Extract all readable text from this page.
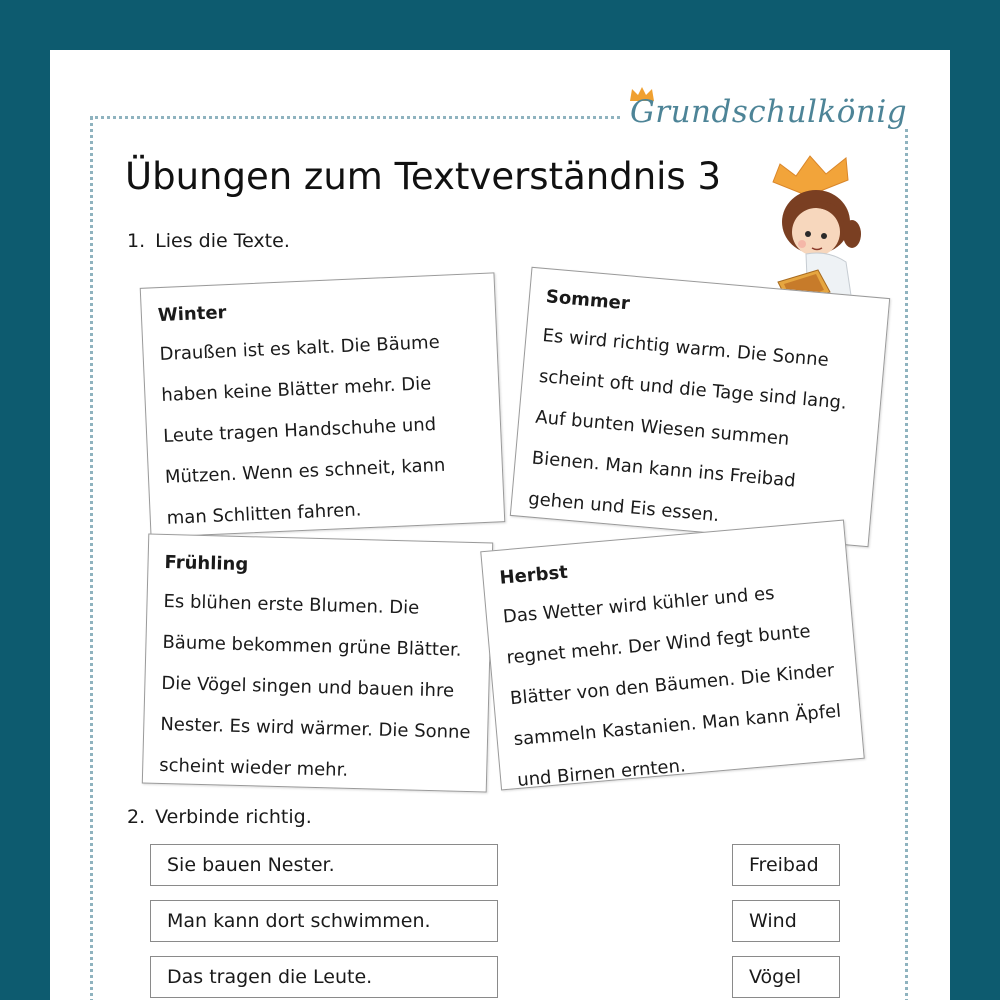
Grundschulkönig
Übungen zum Textverständnis 3
1. Lies die Texte.
Winter
Draußen ist es kalt. Die Bäume haben keine Blätter mehr. Die Leute tragen Handschuhe und Mützen. Wenn es schneit, kann man Schlitten fahren.
Sommer
Es wird richtig warm. Die Sonne scheint oft und die Tage sind lang. Auf bunten Wiesen summen Bienen. Man kann ins Freibad gehen und Eis essen.
Frühling
Es blühen erste Blumen. Die Bäume bekommen grüne Blätter. Die Vögel singen und bauen ihre Nester. Es wird wärmer. Die Sonne scheint wieder mehr.
Herbst
Das Wetter wird kühler und es regnet mehr. Der Wind fegt bunte Blätter von den Bäumen. Die Kinder sammeln Kastanien. Man kann Äpfel und Birnen ernten.
2. Verbinde richtig.
Sie bauen Nester.
Man kann dort schwimmen.
Das tragen die Leute.
Freibad
Wind
Vögel
